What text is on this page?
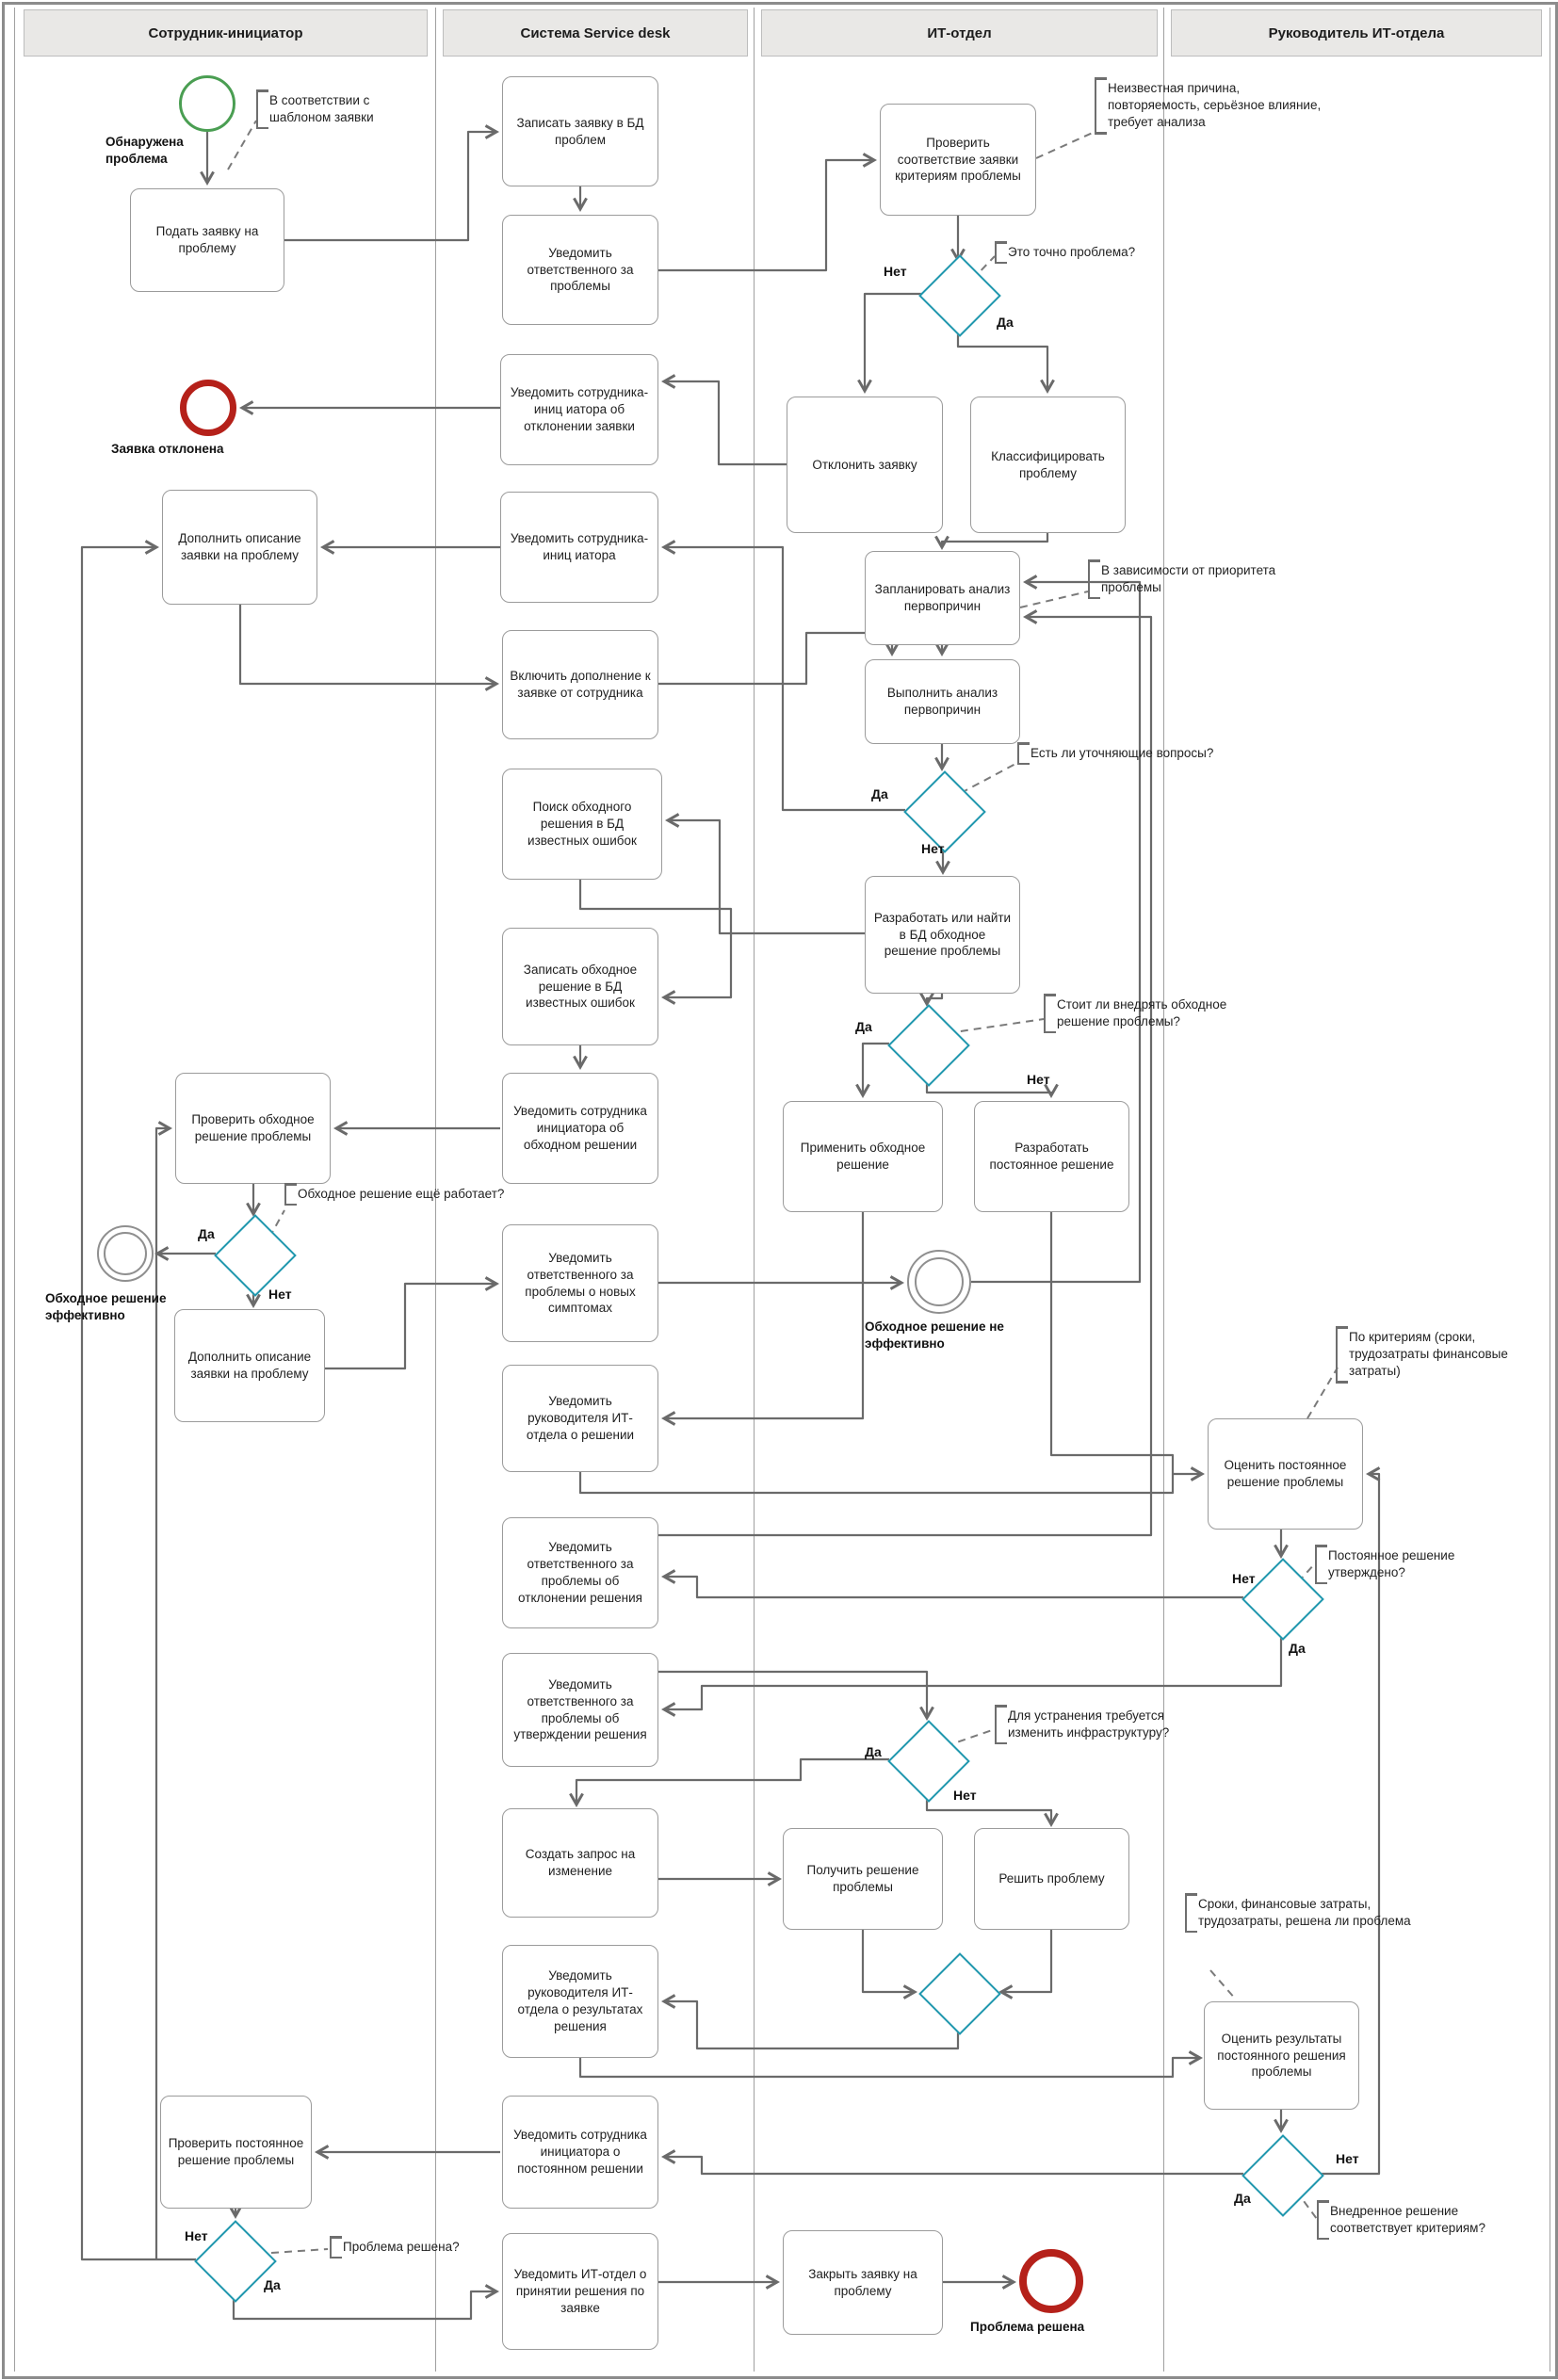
Сотрудник-инициатор	Система Service desk	ИТ-отдел	Руководитель ИТ-отдела
Обнаружена проблема
Заявка отклонена
Обходное решение эффективно
Обходное решение не эффективно
Проблема решена
Подать заявку на проблему
Дополнить описание заявки на проблему
Проверить обходное решение проблемы
Дополнить описание заявки на проблему
Проверить постоянное решение проблемы
Записать заявку в БД проблем
Уведомить ответственного за проблемы
Уведомить сотрудника-иниц иатора об отклонении заявки
Уведомить сотрудника-иниц иатора
Включить дополнение к заявке от сотрудника
Поиск обходного решения в БД известных ошибок
Записать обходное решение в БД известных ошибок
Уведомить сотрудника инициатора об обходном решении
Уведомить ответственного за проблемы о новых симптомах
Уведомить руководителя ИТ-отдела о решении
Уведомить ответственного за проблемы об отклонении решения
Уведомить ответственного за проблемы об утверждении решения
Создать запрос на изменение
Уведомить руководителя ИТ-отдела о результатах решения
Уведомить сотрудника инициатора о постоянном решении
Уведомить ИТ-отдел о принятии решения по заявке
Проверить соответствие заявки критериям проблемы
Отклонить заявку
Классифицировать проблему
Запланировать анализ первопричин
Выполнить анализ первопричин
Разработать или найти в БД обходное решение проблемы
Применить обходное решение
Разработать постоянное решение
Получить решение проблемы
Решить проблему
Закрыть заявку на проблему
Оценить постоянное решение проблемы
Оценить результаты постоянного решения проблемы
Нет
Да
Да
Нет
Да
Нет
Да
Нет
Нет
Да
Да
Нет
Нет
Да
Нет
Да
В соответствии с шаблоном заявки
Неизвестная причина, повторяемость, серьёзное влияние, требует анализа
Это точно проблема?
В зависимости от приоритета проблемы
Есть ли уточняющие вопросы?
Стоит ли внедрять обходное решение проблемы?
Обходное решение ещё работает?
По критериям (сроки, трудозатраты финансовые затраты)
Постоянное решение утверждено?
Для устранения требуется изменить инфраструктуру?
Сроки, финансовые затраты, трудозатраты, решена ли проблема
Внедренное решение соответствует критериям?
Проблема решена?
